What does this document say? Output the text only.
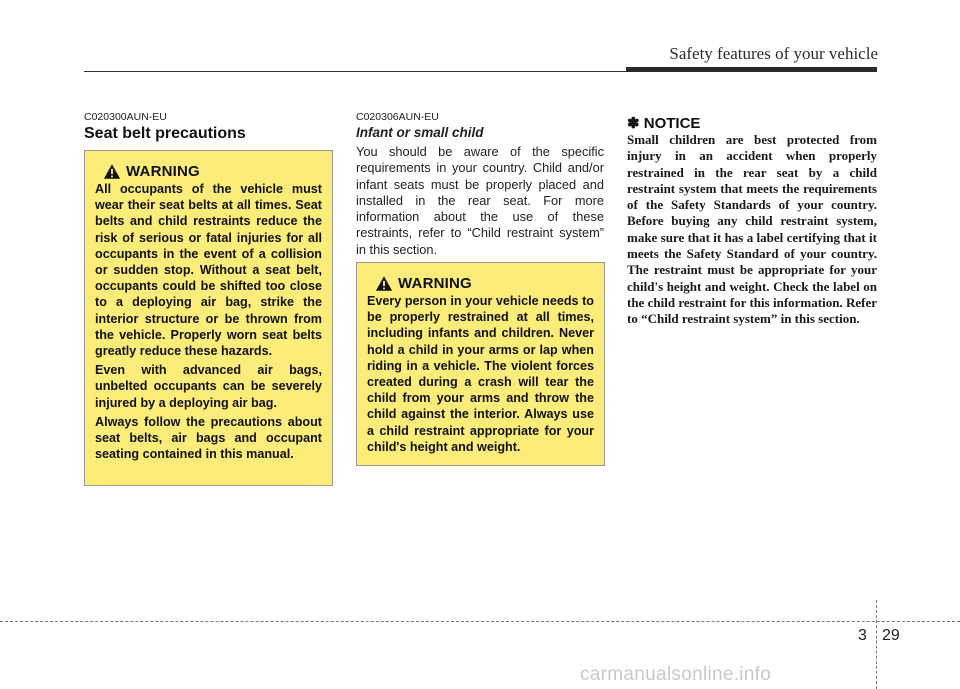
Safety features of your vehicle
C020300AUN-EU
Seat belt precautions
WARNING

All occupants of the vehicle must wear their seat belts at all times. Seat belts and child restraints reduce the risk of serious or fatal injuries for all occupants in the event of a collision or sudden stop. Without a seat belt, occupants could be shifted too close to a deploying air bag, strike the interior structure or be thrown from the vehicle. Properly worn seat belts greatly reduce these hazards.

Even with advanced air bags, unbelted occupants can be severely injured by a deploying air bag.

Always follow the precautions about seat belts, air bags and occupant seating contained in this manual.

C020306AUN-EU
Infant or small child

You should be aware of the specific requirements in your country. Child and/or infant seats must be properly placed and installed in the rear seat. For more information about the use of these restraints, refer to “Child restraint system” in this section.

WARNING

Every person in your vehicle needs to be properly restrained at all times, including infants and children. Never hold a child in your arms or lap when riding in a vehicle. The violent forces created during a crash will tear the child from your arms and throw the child against the interior. Always use a child restraint appropriate for your child's height and weight.

✽ NOTICE

Small children are best protected from injury in an accident when properly restrained in the rear seat by a child restraint system that meets the requirements of the Safety Standards of your country. Before buying any child restraint system, make sure that it has a label certifying that it meets the Safety Standard of your country. The restraint must be appropriate for your child's height and weight. Check the label on the child restraint for this information. Refer to “Child restraint system” in this section.

3 29
carmanualsonline.info
